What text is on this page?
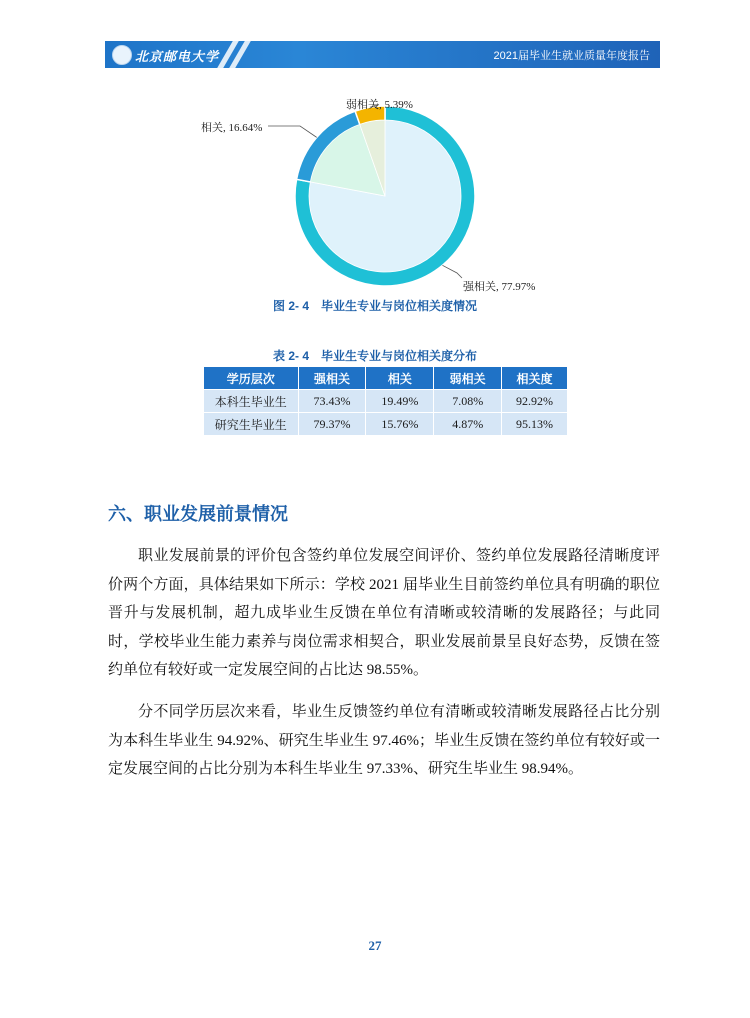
北京邮电大学	2021届毕业生就业质量年度报告
弱相关, 5.39%
相关, 16.64%
强相关, 77.97%
图 2- 4 毕业生专业与岗位相关度情况
表 2- 4 毕业生专业与岗位相关度分布
学历层次	强相关	相关	弱相关	相关度
本科生毕业生	73.43%	19.49%	7.08%	92.92%
研究生毕业生	79.37%	15.76%	4.87%	95.13%
六、职业发展前景情况

职业发展前景的评价包含签约单位发展空间评价、签约单位发展路径清晰度评价两个方面，具体结果如下所示：学校 2021 届毕业生目前签约单位具有明确的职位晋升与发展机制，超九成毕业生反馈在单位有清晰或较清晰的发展路径；与此同时，学校毕业生能力素养与岗位需求相契合，职业发展前景呈良好态势，反馈在签约单位有较好或一定发展空间的占比达 98.55%。

分不同学历层次来看，毕业生反馈签约单位有清晰或较清晰发展路径占比分别为本科生毕业生 94.92%、研究生毕业生 97.46%；毕业生反馈在签约单位有较好或一定发展空间的占比分别为本科生毕业生 97.33%、研究生毕业生 98.94%。

27
